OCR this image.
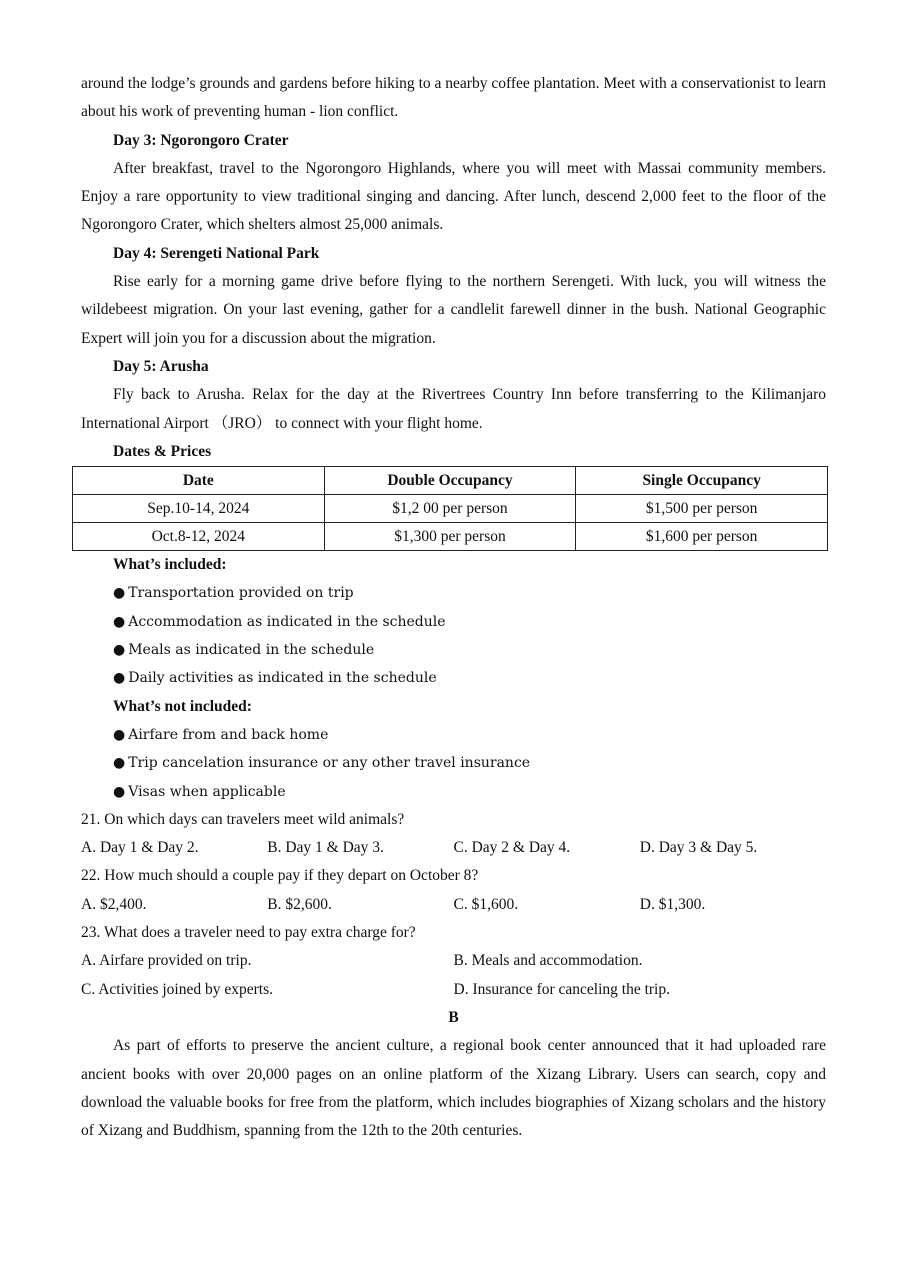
around the lodge’s grounds and gardens before hiking to a nearby coffee plantation. Meet with a conservationist to learn about his work of preventing human - lion conflict.
Day 3: Ngorongoro Crater
After breakfast, travel to the Ngorongoro Highlands, where you will meet with Massai community members. Enjoy a rare opportunity to view traditional singing and dancing. After lunch, descend 2,000 feet to the floor of the Ngorongoro Crater, which shelters almost 25,000 animals.
Day 4: Serengeti National Park
Rise early for a morning game drive before flying to the northern Serengeti. With luck, you will witness the wildebeest migration. On your last evening, gather for a candlelit farewell dinner in the bush. National Geographic Expert will join you for a discussion about the migration.
Day 5: Arusha
Fly back to Arusha. Relax for the day at the Rivertrees Country Inn before transferring to the Kilimanjaro International Airport （JRO） to connect with your flight home.
Dates & Prices
Date	Double Occupancy	Single Occupancy
Sep.10-14, 2024	$1,2 00 per person	$1,500 per person
Oct.8-12, 2024	$1,300 per person	$1,600 per person
What’s included:
● Transportation provided on trip
● Accommodation as indicated in the schedule
● Meals as indicated in the schedule
● Daily activities as indicated in the schedule
What’s not included:
● Airfare from and back home
● Trip cancelation insurance or any other travel insurance
● Visas when applicable
21. On which days can travelers meet wild animals?
A. Day 1 & Day 2.	B. Day 1 & Day 3.	C. Day 2 & Day 4.	D. Day 3 & Day 5.
22. How much should a couple pay if they depart on October 8?
A. $2,400.	B. $2,600.	C. $1,600.	D. $1,300.
23. What does a traveler need to pay extra charge for?
A. Airfare provided on trip.	B. Meals and accommodation.
C. Activities joined by experts.	D. Insurance for canceling the trip.
B
As part of efforts to preserve the ancient culture, a regional book center announced that it had uploaded rare ancient books with over 20,000 pages on an online platform of the Xizang Library. Users can search, copy and download the valuable books for free from the platform, which includes biographies of Xizang scholars and the history of Xizang and Buddhism, spanning from the 12th to the 20th centuries.
